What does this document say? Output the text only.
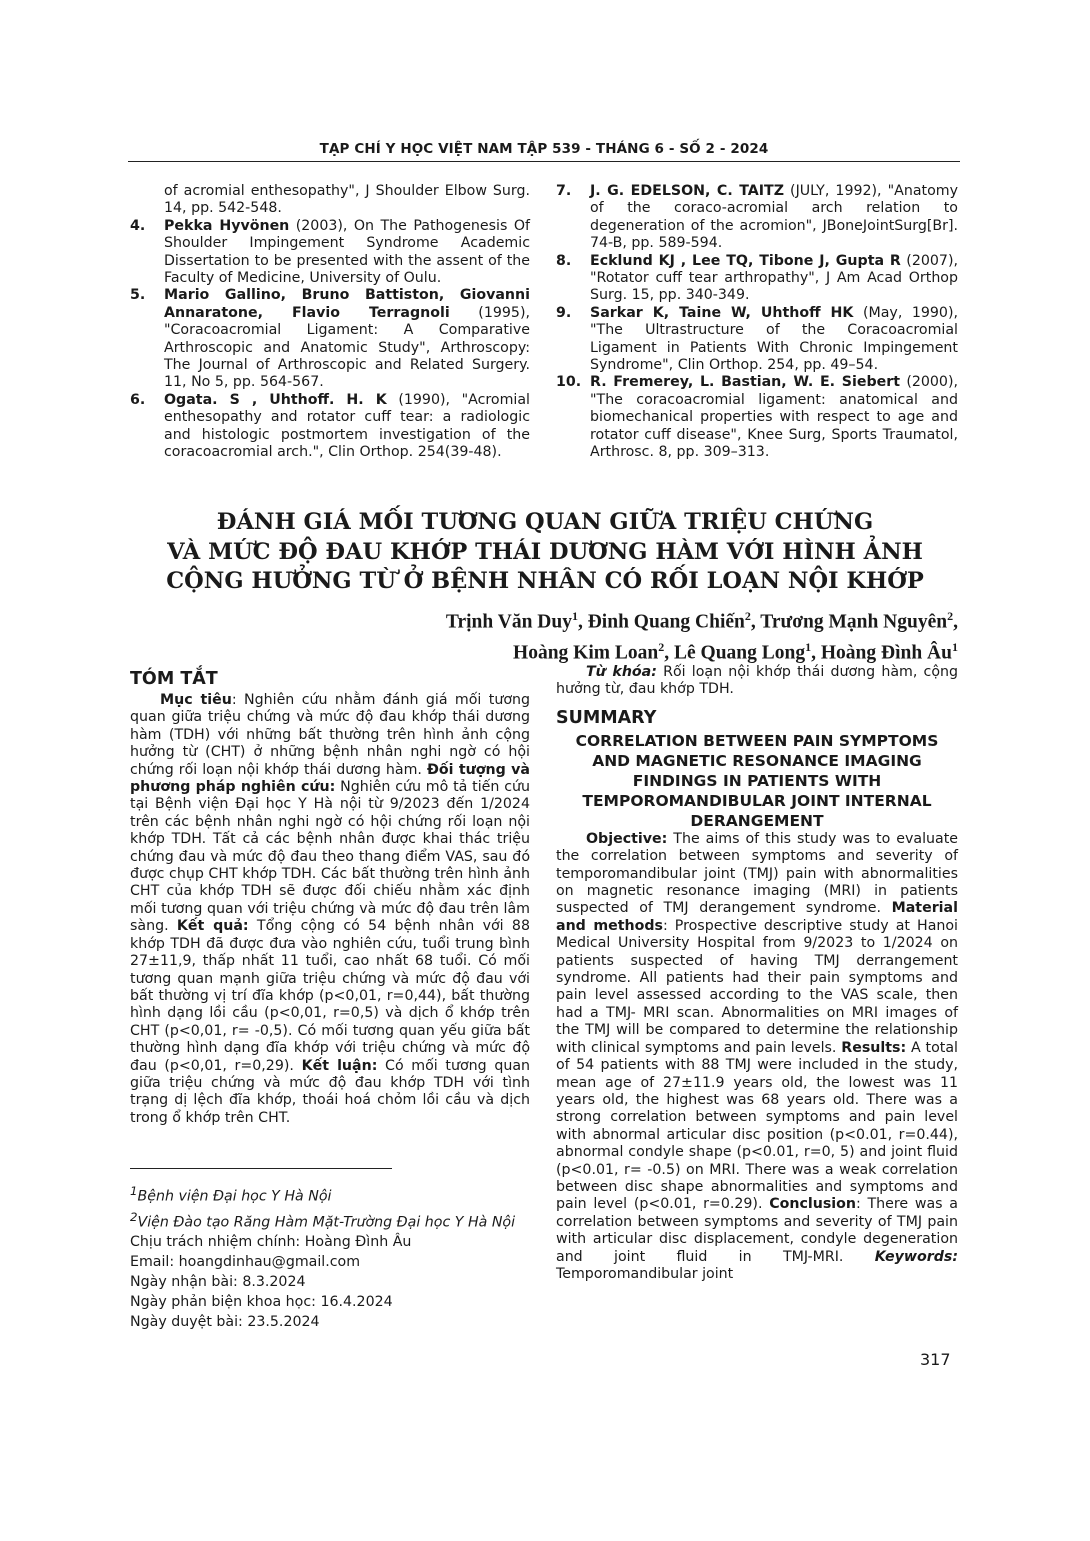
TẠP CHÍ Y HỌC VIỆT NAM TẬP 539 - THÁNG 6 - SỐ 2 - 2024
of acromial enthesopathy", J Shoulder Elbow Surg. 14, pp. 542-548.
4.	Pekka Hyvönen (2003), On The Pathogenesis Of Shoulder Impingement Syndrome Academic Dissertation to be presented with the assent of the Faculty of Medicine, University of Oulu.
5.	Mario Gallino, Bruno Battiston, Giovanni Annaratone, Flavio Terragnoli (1995), "Coracoacromial Ligament: A Comparative Arthroscopic and Anatomic Study", Arthroscopy: The Journal of Arthroscopic and Related Surgery. 11, No 5, pp. 564-567.
6.	Ogata. S , Uhthoff. H. K (1990), "Acromial enthesopathy and rotator cuff tear: a radiologic and histologic postmortem investigation of the coracoacromial arch.", Clin Orthop. 254(39-48).
7.	J. G. EDELSON, C. TAITZ (JULY, 1992), "Anatomy of the coraco-acromial arch relation to degeneration of the acromion", JBoneJointSurg[Br]. 74-B, pp. 589-594.
8.	Ecklund KJ , Lee TQ, Tibone J, Gupta R (2007), "Rotator cuff tear arthropathy", J Am Acad Orthop Surg. 15, pp. 340-349.
9.	Sarkar K, Taine W, Uhthoff HK (May, 1990), "The Ultrastructure of the Coracoacromial Ligament in Patients With Chronic Impingement Syndrome", Clin Orthop. 254, pp. 49–54.
10. R. Fremerey, L. Bastian, W. E. Siebert (2000), "The coracoacromial ligament: anatomical and biomechanical properties with respect to age and rotator cuff disease", Knee Surg, Sports Traumatol, Arthrosc. 8, pp. 309–313.
ĐÁNH GIÁ MỐI TƯƠNG QUAN GIỮA TRIỆU CHỨNG
VÀ MỨC ĐỘ ĐAU KHỚP THÁI DƯƠNG HÀM VỚI HÌNH ẢNH
CỘNG HƯỞNG TỪ Ở BỆNH NHÂN CÓ RỐI LOẠN NỘI KHỚP
Trịnh Văn Duy$^1$, Đinh Quang Chiến$^2$, Trương Mạnh Nguyên$^2$,
Hoàng Kim Loan$^2$, Lê Quang Long$^1$, Hoàng Đình $Âu^1$
TÓM TẮT

Mục tiêu: Nghiên cứu nhằm đánh giá mối tương quan giữa triệu chứng và mức độ đau khớp thái dương hàm (TDH) với những bất thường trên hình ảnh cộng hưởng từ (CHT) ở những bệnh nhân nghi ngờ có hội chứng rối loạn nội khớp thái dương hàm. Đối tượng và phương pháp nghiên cứu: Nghiên cứu mô tả tiến cứu tại Bệnh viện Đại học Y Hà nội từ 9/2023 đến 1/2024 trên các bệnh nhân nghi ngờ có hội chứng rối loạn nội khớp TDH. Tất cả các bệnh nhân được khai thác triệu chứng đau và mức độ đau theo thang điểm VAS, sau đó được chụp CHT khớp TDH. Các bất thường trên hình ảnh CHT của khớp TDH sẽ được đối chiếu nhằm xác định mối tương quan với triệu chứng và mức độ đau trên lâm sàng. Kết quả: Tổng cộng có 54 bệnh nhân với 88 khớp TDH đã được đưa vào nghiên cứu, tuổi trung bình 27±11,9, thấp nhất 11 tuổi, cao nhất 68 tuổi. Có mối tương quan mạnh giữa triệu chứng và mức độ đau với bất thường vị trí đĩa khớp (p<0,01, r=0,44), bất thường hình dạng lồi cầu (p<0,01, r=0,5) và dịch ổ khớp trên CHT (p<0,01, r= -0,5). Có mối tương quan yếu giữa bất thường hình dạng đĩa khớp với triệu chứng và mức độ đau (p<0,01, r=0,29). Kết luận: Có mối tương quan giữa triệu chứng và mức độ đau khớp TDH với tình trạng dị lệch đĩa khớp, thoái hoá chỏm lồi cầu và dịch trong ổ khớp trên CHT.

$^1$Bệnh viện Đại học Y Hà Nội
$^2$Viện Đào tạo Răng Hàm Mặt-Trường Đại học Y Hà Nội
Chịu trách nhiệm chính: Hoàng Đình Âu
Email: hoangdinhau@gmail.com
Ngày nhận bài: 8.3.2024
Ngày phản biện khoa học: 16.4.2024
Ngày duyệt bài: 23.5.2024

Từ khóa: Rối loạn nội khớp thái dương hàm, cộng hưởng từ, đau khớp TDH.

SUMMARY
CORRELATION BETWEEN PAIN SYMPTOMS AND MAGNETIC RESONANCE IMAGING FINDINGS IN PATIENTS WITH TEMPOROMANDIBULAR JOINT INTERNAL DERANGEMENT

Objective: The aims of this study was to evaluate the correlation between symptoms and severity of temporomandibular joint (TMJ) pain with abnormalities on magnetic resonance imaging (MRI) in patients suspected of TMJ derangement syndrome. Material and methods: Prospective descriptive study at Hanoi Medical University Hospital from 9/2023 to 1/2024 on patients suspected of having TMJ derrangement syndrome. All patients had their pain symptoms and pain level assessed according to the VAS scale, then had a TMJ- MRI scan. Abnormalities on MRI images of the TMJ will be compared to determine the relationship with clinical symptoms and pain levels. Results: A total of 54 patients with 88 TMJ were included in the study, mean age of 27±11.9 years old, the lowest was 11 years old, the highest was 68 years old. There was a strong correlation between symptoms and pain level with abnormal articular disc position (p<0.01, r=0.44), abnormal condyle shape (p<0.01, r=0, 5) and joint fluid (p<0.01, r= -0.5) on MRI. There was a weak correlation between disc shape abnormalities and symptoms and pain level (p<0.01, r=0.29). Conclusion: There was a correlation between symptoms and severity of TMJ pain with articular disc displacement, condyle degeneration and joint fluid in TMJ-MRI. Keywords: Temporomandibular joint

317
